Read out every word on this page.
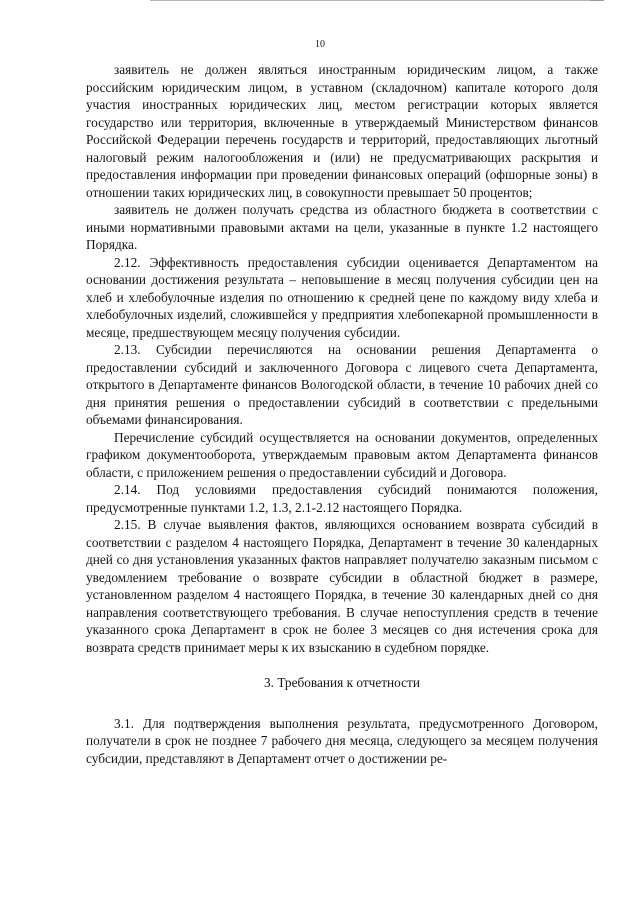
10

заявитель не должен являться иностранным юридическим лицом, а также российским юридическим лицом, в уставном (складочном) капитале которого доля участия иностранных юридических лиц, местом регистрации которых является государство или территория, включенные в утверждаемый Министерством финансов Российской Федерации перечень государств и территорий, предоставляющих льготный налоговый режим налогообложения и (или) не предусматривающих раскрытия и предоставления информации при проведении финансовых операций (офшорные зоны) в отношении таких юридических лиц, в совокупности превышает 50 процентов;

заявитель не должен получать средства из областного бюджета в соответствии с иными нормативными правовыми актами на цели, указанные в пункте 1.2 настоящего Порядка.

2.12. Эффективность предоставления субсидии оценивается Департаментом на основании достижения результата – неповышение в месяц получения субсидии цен на хлеб и хлебобулочные изделия по отношению к средней цене по каждому виду хлеба и хлебобулочных изделий, сложившейся у предприятия хлебопекарной промышленности в месяце, предшествующем месяцу получения субсидии.

2.13. Субсидии перечисляются на основании решения Департамента о предоставлении субсидий и заключенного Договора с лицевого счета Департамента, открытого в Департаменте финансов Вологодской области, в течение 10 рабочих дней со дня принятия решения о предоставлении субсидий в соответствии с предельными объемами финансирования.

Перечисление субсидий осуществляется на основании документов, определенных графиком документооборота, утверждаемым правовым актом Департамента финансов области, с приложением решения о предоставлении субсидий и Договора.

2.14. Под условиями предоставления субсидий понимаются положения, предусмотренные пунктами 1.2, 1.3, 2.1-2.12 настоящего Порядка.

2.15. В случае выявления фактов, являющихся основанием возврата субсидий в соответствии с разделом 4 настоящего Порядка, Департамент в течение 30 календарных дней со дня установления указанных фактов направляет получателю заказным письмом с уведомлением требование о возврате субсидии в областной бюджет в размере, установленном разделом 4 настоящего Порядка, в течение 30 календарных дней со дня направления соответствующего требования. В случае непоступления средств в течение указанного срока Департамент в срок не более 3 месяцев со дня истечения срока для возврата средств принимает меры к их взысканию в судебном порядке.

3. Требования к отчетности

3.1. Для подтверждения выполнения результата, предусмотренного Договором, получатели в срок не позднее 7 рабочего дня месяца, следующего за месяцем получения субсидии, представляют в Департамент отчет о достижении ре-
